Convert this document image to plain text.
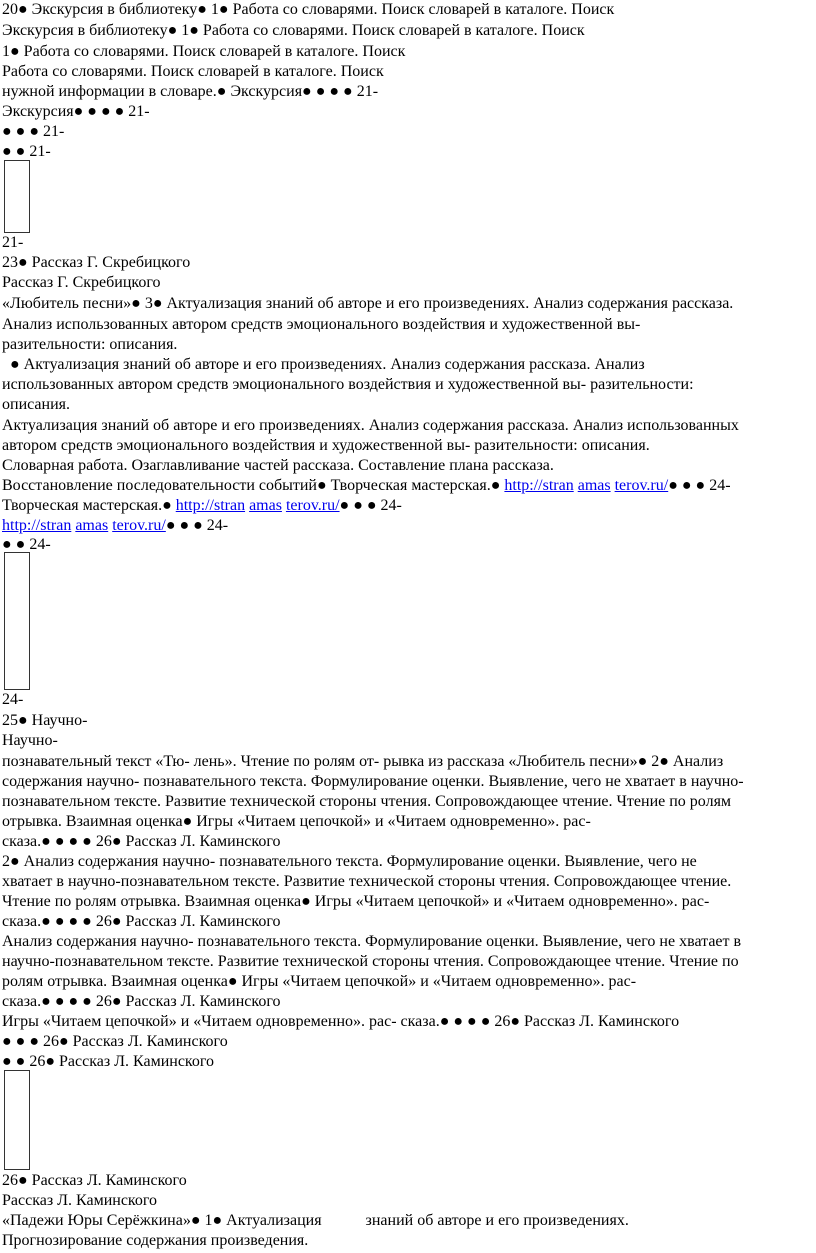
20● Экскурсия в библиотеку● 1● Работа со словарями. Поиск словарей в каталоге. Поиск
Экскурсия в библиотеку● 1● Работа со словарями. Поиск словарей в каталоге. Поиск
1● Работа со словарями. Поиск словарей в каталоге. Поиск
Работа со словарями. Поиск словарей в каталоге. Поиск
нужной информации в словаре.● Экскурсия● ● ● ● 21-
Экскурсия● ● ● ● 21-
● ● ● 21-
● ● 21-
21-
23● Рассказ Г. Скребицкого
Рассказ Г. Скребицкого
«Любитель песни»● 3● Актуализация знаний об авторе и его произведениях. Анализ содержания рассказа.
Анализ использованных автором средств эмоционального воздействия и художественной вы-
разительности: описания.
● Актуализация знаний об авторе и его произведениях. Анализ содержания рассказа. Анализ
использованных автором средств эмоционального воздействия и художественной вы- разительности:
описания.
Актуализация знаний об авторе и его произведениях. Анализ содержания рассказа. Анализ использованных
автором средств эмоционального воздействия и художественной вы- разительности: описания.
Словарная работа. Озаглавливание частей рассказа. Составление плана рассказа.
Восстановление последовательности событий● Творческая мастерская.● http://stran amas terov.ru/● ● ● 24-
Творческая мастерская.● http://stran amas terov.ru/● ● ● 24-
http://stran amas terov.ru/● ● ● 24-
● ● 24-
24-
25● Научно-
Научно-
познавательный текст «Тю- лень». Чтение по ролям от- рывка из рассказа «Любитель песни»● 2● Анализ
содержания научно- познавательного текста. Формулирование оценки. Выявление, чего не хватает в научно-
познавательном тексте. Развитие технической стороны чтения. Сопровождающее чтение. Чтение по ролям
отрывка. Взаимная оценка● Игры «Читаем цепочкой» и «Читаем одновременно». рас-
сказа.● ● ● ● 26● Рассказ Л. Каминского
2● Анализ содержания научно- познавательного текста. Формулирование оценки. Выявление, чего не
хватает в научно-познавательном тексте. Развитие технической стороны чтения. Сопровождающее чтение.
Чтение по ролям отрывка. Взаимная оценка● Игры «Читаем цепочкой» и «Читаем одновременно». рас-
сказа.● ● ● ● 26● Рассказ Л. Каминского
Анализ содержания научно- познавательного текста. Формулирование оценки. Выявление, чего не хватает в
научно-познавательном тексте. Развитие технической стороны чтения. Сопровождающее чтение. Чтение по
ролям отрывка. Взаимная оценка● Игры «Читаем цепочкой» и «Читаем одновременно». рас-
сказа.● ● ● ● 26● Рассказ Л. Каминского
Игры «Читаем цепочкой» и «Читаем одновременно». рас- сказа.● ● ● ● 26● Рассказ Л. Каминского
● ● ● 26● Рассказ Л. Каминского
● ● 26● Рассказ Л. Каминского
26● Рассказ Л. Каминского
Рассказ Л. Каминского
«Падежи Юры Серёжкина»● 1● Актуализация	знаний об авторе и его произведениях.
Прогнозирование содержания произведения.
